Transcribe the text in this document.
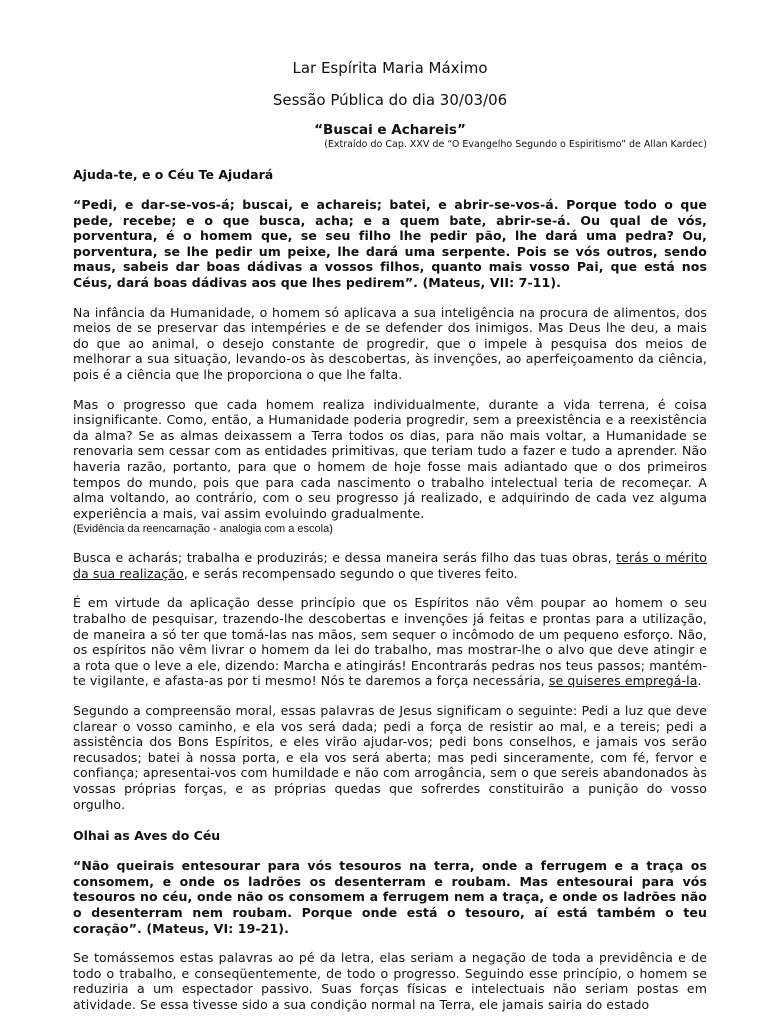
Lar Espírita Maria Máximo

Sessão Pública do dia 30/03/06

“Buscai e Achareis”

(Extraído do Cap. XXV de “O Evangelho Segundo o Espiritismo” de Allan Kardec)

Ajuda-te, e o Céu Te Ajudará

“Pedi, e dar-se-vos-á; buscai, e achareis; batei, e abrir-se-vos-á. Porque todo o que pede, recebe; e o que busca, acha; e a quem bate, abrir-se-á. Ou qual de vós, porventura, é o homem que, se seu filho lhe pedir pão, lhe dará uma pedra? Ou, porventura, se lhe pedir um peixe, lhe dará uma serpente. Pois se vós outros, sendo maus, sabeis dar boas dádivas a vossos filhos, quanto mais vosso Pai, que está nos Céus, dará boas dádivas aos que lhes pedirem”. (Mateus, VII: 7-11).

Na infância da Humanidade, o homem só aplicava a sua inteligência na procura de alimentos, dos meios de se preservar das intempéries e de se defender dos inimigos. Mas Deus lhe deu, a mais do que ao animal, o desejo constante de progredir, que o impele à pesquisa dos meios de melhorar a sua situação, levando-os às descobertas, às invenções, ao aperfeiçoamento da ciência, pois é a ciência que lhe proporciona o que lhe falta.

Mas o progresso que cada homem realiza individualmente, durante a vida terrena, é coisa insignificante. Como, então, a Humanidade poderia progredir, sem a preexistência e a reexistência da alma? Se as almas deixassem a Terra todos os dias, para não mais voltar, a Humanidade se renovaria sem cessar com as entidades primitivas, que teriam tudo a fazer e tudo a aprender. Não haveria razão, portanto, para que o homem de hoje fosse mais adiantado que o dos primeiros tempos do mundo, pois que para cada nascimento o trabalho intelectual teria de recomeçar. A alma voltando, ao contrário, com o seu progresso já realizado, e adquirindo de cada vez alguma experiência a mais, vai assim evoluindo gradualmente.

(Evidência da reencarnação - analogia com a escola)

Busca e acharás; trabalha e produzirás; e dessa maneira serás filho das tuas obras, terás o mérito da sua realização, e serás recompensado segundo o que tiveres feito.

É em virtude da aplicação desse princípio que os Espíritos não vêm poupar ao homem o seu trabalho de pesquisar, trazendo-lhe descobertas e invenções já feitas e prontas para a utilização, de maneira a só ter que tomá-las nas mãos, sem sequer o incômodo de um pequeno esforço. Não, os espíritos não vêm livrar o homem da lei do trabalho, mas mostrar-lhe o alvo que deve atingir e a rota que o leve a ele, dizendo: Marcha e atingirás! Encontrarás pedras nos teus passos; mantém-te vigilante, e afasta-as por ti mesmo! Nós te daremos a força necessária, se quiseres empregá-la.

Segundo a compreensão moral, essas palavras de Jesus significam o seguinte: Pedi a luz que deve clarear o vosso caminho, e ela vos será dada; pedi a força de resistir ao mal, e a tereis; pedi a assistência dos Bons Espíritos, e eles virão ajudar-vos; pedi bons conselhos, e jamais vos serão recusados; batei à nossa porta, e ela vos será aberta; mas pedi sinceramente, com fé, fervor e confiança; apresentai-vos com humildade e não com arrogância, sem o que sereis abandonados às vossas próprias forças, e as próprias quedas que sofrerdes constituirão a punição do vosso orgulho.

Olhai as Aves do Céu

“Não queirais entesourar para vós tesouros na terra, onde a ferrugem e a traça os consomem, e onde os ladrões os desenterram e roubam. Mas entesourai para vós tesouros no céu, onde não os consomem a ferrugem nem a traça, e onde os ladrões não o desenterram nem roubam. Porque onde está o tesouro, aí está também o teu coração”. (Mateus, VI: 19-21).

Se tomássemos estas palavras ao pé da letra, elas seriam a negação de toda a previdência e de todo o trabalho, e conseqüentemente, de todo o progresso. Seguindo esse princípio, o homem se reduziria a um espectador passivo. Suas forças físicas e intelectuais não seriam postas em atividade. Se essa tivesse sido a sua condição normal na Terra, ele jamais sairia do estado
